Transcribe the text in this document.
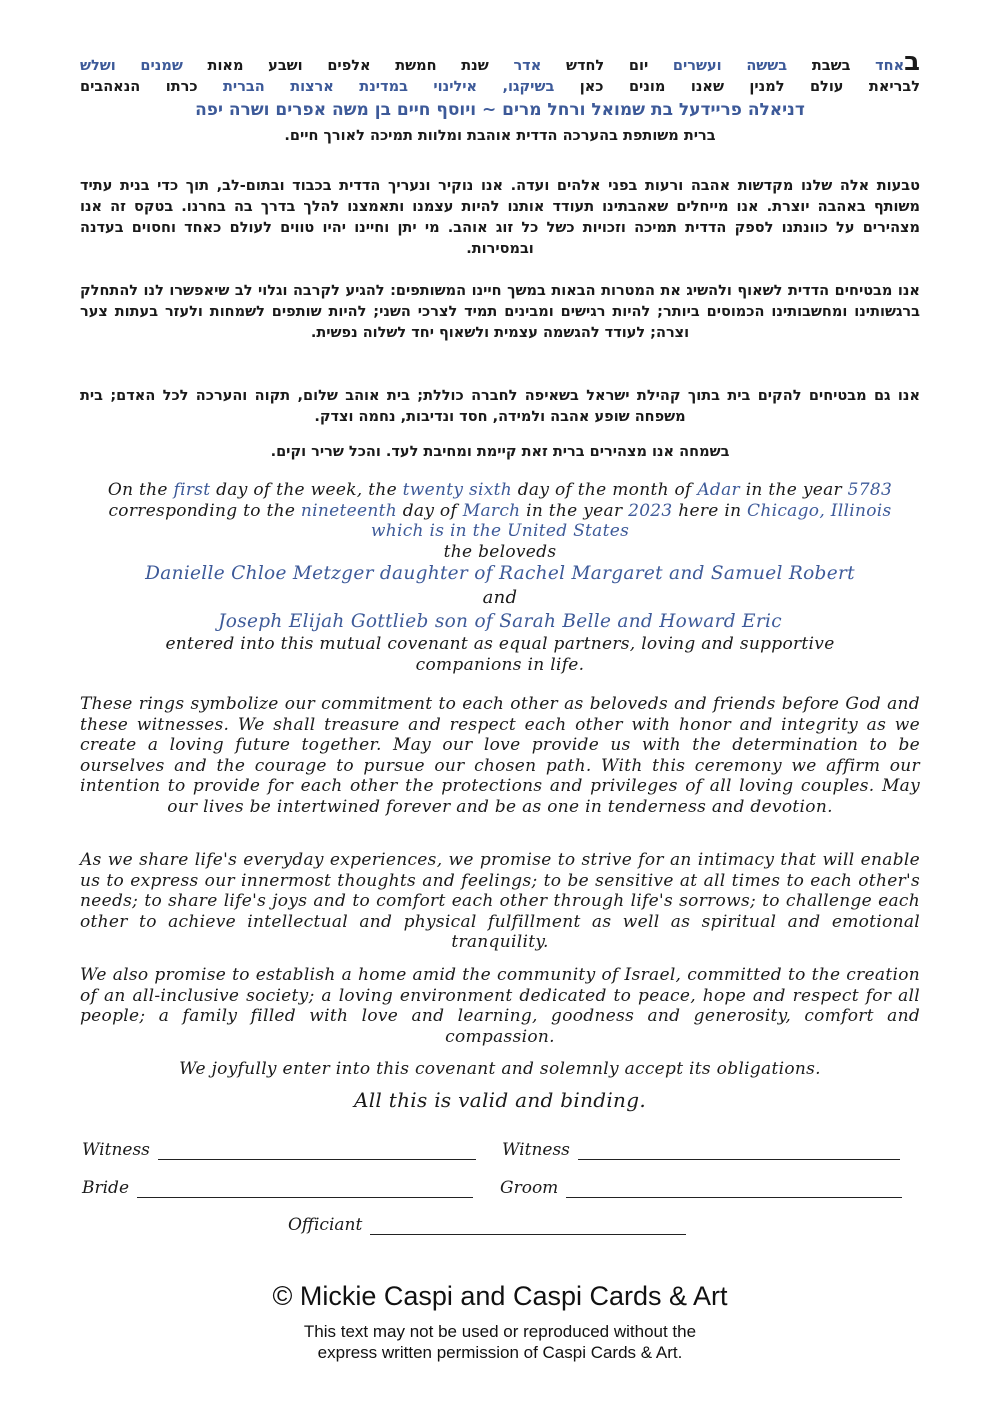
באחד בשבת בששה ועשרים יום לחדש אדר שנת חמשת אלפים ושבע מאות שמנים ושלש

לבריאת עולם למנין שאנו מונים כאן בשיקגו, אילינוי במדינת ארצות הברית כרתו הנאהבים

דניאלה פריידעל בת שמואל ורחל מרים ~ ויוסף חיים בן משה אפרים ושרה יפה

ברית משותפת בהערכה הדדית אוהבת ומלוות תמיכה לאורך חיים.

טבעות אלה שלנו מקדשות אהבה ורעות בפני אלהים ועדה. אנו נוקיר ונעריך הדדית בכבוד ובתום-לב, תוך כדי בנית עתיד משותף באהבה יוצרת. אנו מייחלים שאהבתינו תעודד אותנו להיות עצמנו ותאמצנו להלך בדרך בה בחרנו. בטקס זה אנו מצהירים על כוונתנו לספק הדדית תמיכה וזכויות כשל כל זוג אוהב. מי יתן וחיינו יהיו טווים לעולם כאחד וחסוים בעדנה ובמסירות.
אנו מבטיחים הדדית לשאוף ולהשיג את המטרות הבאות במשך חיינו המשותפים: להגיע לקרבה וגלוי לב שיאפשרו לנו להתחלק ברגשותינו ומחשבותינו הכמוסים ביותר; להיות רגישים ומבינים תמיד לצרכי השני; להיות שותפים לשמחות ולעזר בעתות צער וצרה; לעודד להגשמה עצמית ולשאוף יחד לשלוה נפשית.
אנו גם מבטיחים להקים בית בתוך קהילת ישראל בשאיפה לחברה כוללת; בית אוהב שלום, תקוה והערכה לכל האדם; בית משפחה שופע אהבה ולמידה, חסד ונדיבות, נחמה וצדק.
בשמחה אנו מצהירים ברית זאת קיימת ומחיבת לעד. והכל שריר וקים.

On the first day of the week, the twenty sixth day of the month of Adar in the year 5783 corresponding to the nineteenth day of March in the year 2023 here in Chicago, Illinois which is in the United States

the beloveds

Danielle Chloe Metzger daughter of Rachel Margaret and Samuel Robert

and

Joseph Elijah Gottlieb son of Sarah Belle and Howard Eric

entered into this mutual covenant as equal partners, loving and supportive companions in life.

These rings symbolize our commitment to each other as beloveds and friends before God and these witnesses. We shall treasure and respect each other with honor and integrity as we create a loving future together. May our love provide us with the determination to be ourselves and the courage to pursue our chosen path. With this ceremony we affirm our intention to provide for each other the protections and privileges of all loving couples. May our lives be intertwined forever and be as one in tenderness and devotion.
As we share life's everyday experiences, we promise to strive for an intimacy that will enable us to express our innermost thoughts and feelings; to be sensitive at all times to each other's needs; to share life's joys and to comfort each other through life's sorrows; to challenge each other to achieve intellectual and physical fulfillment as well as spiritual and emotional tranquility.
We also promise to establish a home amid the community of Israel, committed to the creation of an all-inclusive society; a loving environment dedicated to peace, hope and respect for all people; a family filled with love and learning, goodness and generosity, comfort and compassion.
We joyfully enter into this covenant and solemnly accept its obligations.
All this is valid and binding.
Witness	Witness
Bride	Groom
Officiant
© Mickie Caspi and Caspi Cards & Art
This text may not be used or reproduced without the
express written permission of Caspi Cards & Art.
